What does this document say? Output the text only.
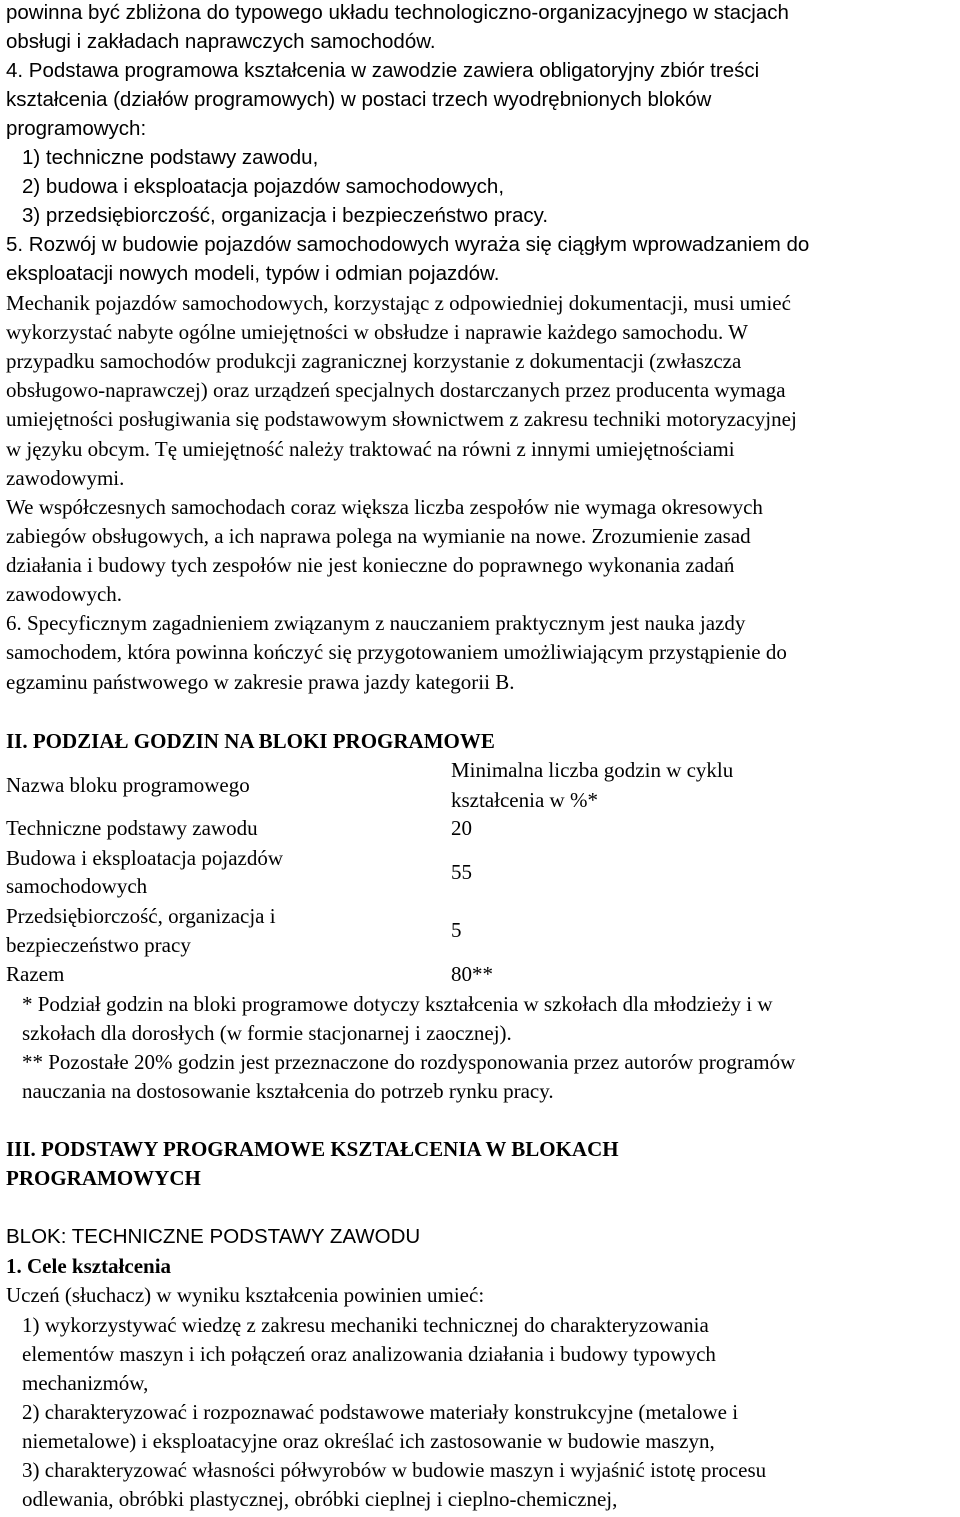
powinna być zbliżona do typowego układu technologiczno-organizacyjnego w stacjach
obsługi i zakładach naprawczych samochodów.
4. Podstawa programowa kształcenia w zawodzie zawiera obligatoryjny zbiór treści
kształcenia (działów programowych) w postaci trzech wyodrębnionych bloków
programowych:
1) techniczne podstawy zawodu,
2) budowa i eksploatacja pojazdów samochodowych,
3) przedsiębiorczość, organizacja i bezpieczeństwo pracy.
5. Rozwój w budowie pojazdów samochodowych wyraża się ciągłym wprowadzaniem do
eksploatacji nowych modeli, typów i odmian pojazdów.
Mechanik pojazdów samochodowych, korzystając z odpowiedniej dokumentacji, musi umieć
wykorzystać nabyte ogólne umiejętności w obsłudze i naprawie każdego samochodu. W
przypadku samochodów produkcji zagranicznej korzystanie z dokumentacji (zwłaszcza
obsługowo-naprawczej) oraz urządzeń specjalnych dostarczanych przez producenta wymaga
umiejętności posługiwania się podstawowym słownictwem z zakresu techniki motoryzacyjnej
w języku obcym. Tę umiejętność należy traktować na równi z innymi umiejętnościami
zawodowymi.
We współczesnych samochodach coraz większa liczba zespołów nie wymaga okresowych
zabiegów obsługowych, a ich naprawa polega na wymianie na nowe. Zrozumienie zasad
działania i budowy tych zespołów nie jest konieczne do poprawnego wykonania zadań
zawodowych.
6. Specyficznym zagadnieniem związanym z nauczaniem praktycznym jest nauka jazdy
samochodem, która powinna kończyć się przygotowaniem umożliwiającym przystąpienie do
egzaminu państwowego w zakresie prawa jazdy kategorii B.
II. PODZIAŁ GODZIN NA BLOKI PROGRAMOWE
Nazwa bloku programowego
Minimalna liczba godzin w cyklu
kształcenia w %*
Techniczne podstawy zawodu	20
Budowa i eksploatacja pojazdów
samochodowych
55
Przedsiębiorczość, organizacja i
bezpieczeństwo pracy
5
Razem	80**
* Podział godzin na bloki programowe dotyczy kształcenia w szkołach dla młodzieży i w
szkołach dla dorosłych (w formie stacjonarnej i zaocznej).
** Pozostałe 20% godzin jest przeznaczone do rozdysponowania przez autorów programów
nauczania na dostosowanie kształcenia do potrzeb rynku pracy.
III. PODSTAWY PROGRAMOWE KSZTAŁCENIA W BLOKACH
PROGRAMOWYCH
BLOK: TECHNICZNE PODSTAWY ZAWODU
1. Cele kształcenia
Uczeń (słuchacz) w wyniku kształcenia powinien umieć:
1) wykorzystywać wiedzę z zakresu mechaniki technicznej do charakteryzowania
elementów maszyn i ich połączeń oraz analizowania działania i budowy typowych
mechanizmów,
2) charakteryzować i rozpoznawać podstawowe materiały konstrukcyjne (metalowe i
niemetalowe) i eksploatacyjne oraz określać ich zastosowanie w budowie maszyn,
3) charakteryzować własności półwyrobów w budowie maszyn i wyjaśnić istotę procesu
odlewania, obróbki plastycznej, obróbki cieplnej i cieplno-chemicznej,
